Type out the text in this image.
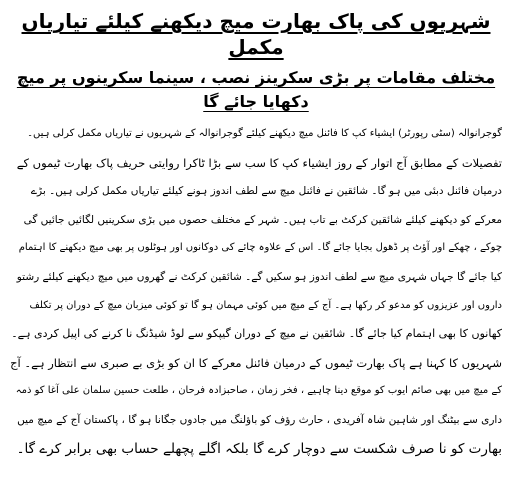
شہریوں کی پاک بھارت میچ دیکھنے کیلئے تیاریاں مکمل
مختلف مقامات پر بڑی سکرینز نصب ، سینما سکرینوں پر میچ دکھایا جائے گا
گوجرانوالہ (سٹی رپورٹر) ایشیاء کپ کا فائنل میچ دیکھنے کیلئے گوجرانوالہ کے شہریوں نے تیاریاں مکمل کرلی ہیں۔
تفصیلات کے مطابق آج اتوار کے روز ایشیاء کپ کا سب سے بڑا ٹاکرا روایتی حریف پاک بھارت ٹیموں کے
درمیان فائنل دبئی میں ہو گا۔ شائقین نے فائنل میچ سے لطف اندوز ہونے کیلئے تیاریاں مکمل کرلی ہیں۔ بڑے
معرکے کو دیکھنے کیلئے شائقین کرکٹ بے تاب ہیں۔ شہر کے مختلف حصوں میں بڑی سکرینیں لگائیں جائیں گی
چوکے ، چھکے اور آؤٹ پر ڈھول بجایا جائے گا۔ اس کے علاوہ چائے کی دوکانوں اور ہوٹلوں پر بھی میچ دیکھنے کا اہتمام
کیا جائے گا جہاں شہری میچ سے لطف اندوز ہو سکیں گے۔ شائقین کرکٹ نے گھروں میں میچ دیکھنے کیلئے رشتو
داروں اور عزیزوں کو مدعو کر رکھا ہے۔ آج کے میچ میں کوئی مہمان ہو گا تو کوئی میزبان میچ کے دوران پر تکلف
کھانوں کا بھی اہتمام کیا جائے گا۔ شائقین نے میچ کے دوران گیپکو سے لوڈ شیڈنگ نا کرنے کی اپیل کردی ہے۔
شہریوں کا کہنا ہے پاک بھارت ٹیموں کے درمیان فائنل معرکے کا ان کو بڑی بے صبری سے انتظار ہے۔ آج
کے میچ میں بھی صائم ایوب کو موقع دینا چاہیے ، فخر زمان ، صاحبزادہ فرحان ، طلعت حسین سلمان علی آغا کو ذمہ
داری سے بیٹنگ اور شاہین شاہ آفریدی ، حارث رؤف کو باؤلنگ میں جادوں جگانا ہو گا ، پاکستان آج کے میچ میں
بھارت کو نا صرف شکست سے دوچار کرے گا بلکہ اگلے پچھلے حساب بھی برابر کرے گا۔
